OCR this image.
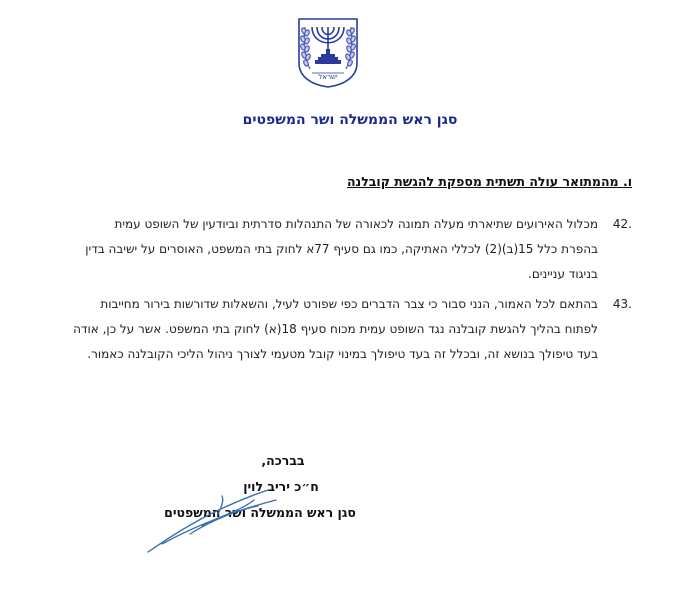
ישראל
סגן ראש הממשלה ושר המשפטים
ו. מהמתואר עולה תשתית מספקת להגשת קובלנה
42.
מכלול האירועים שתיארתי מעלה תמונה לכאורה של התנהלות סדרתית וביודעין של השופט עמית
בהפרת כלל 15(ב)(2) לכללי האתיקה, כמו גם סעיף 77א לחוק בתי המשפט, האוסרים על ישיבה בדין
בניגוד עניינים.
43.
בהתאם לכל האמור, הנני סבור כי צבר הדברים כפי שפורט לעיל, והשאלות שדורשות בירור מחייבות
לפתוח בהליך להגשת קובלנה נגד השופט עמית מכוח סעיף 18(א) לחוק בתי המשפט. אשר על כן, אודה
בעד טיפולך בנושא זה, ובכלל זה בעד טיפולך במינוי קובל מטעמי לצורך ניהול הליכי הקובלנה כאמור.
בברכה,
ח״כ יריב לוין
סגן ראש הממשלה ושר המשפטים
